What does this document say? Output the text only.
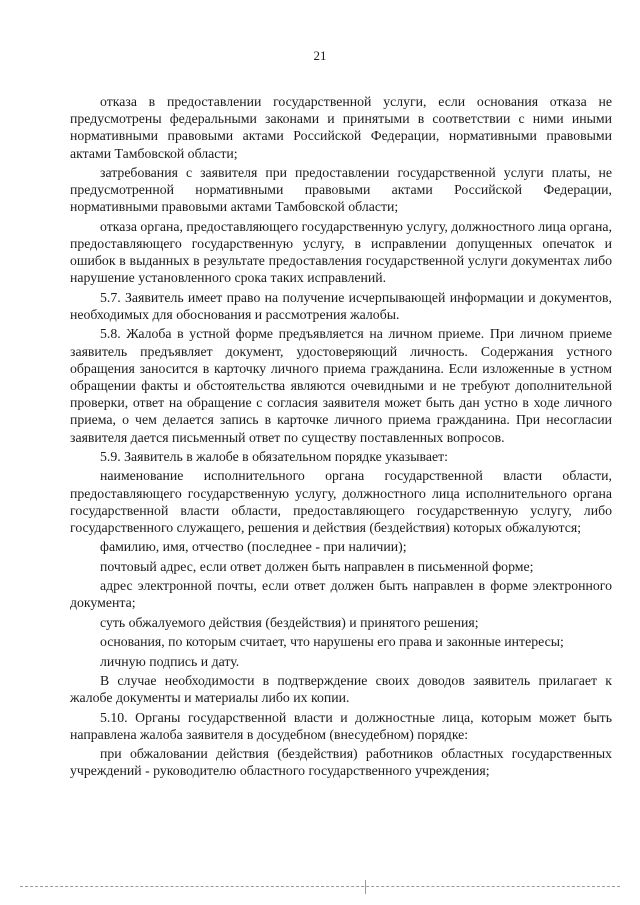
21

отказа в предоставлении государственной услуги, если основания отказа не предусмотрены федеральными законами и принятыми в соответствии с ними иными нормативными правовыми актами Российской Федерации, нормативными правовыми актами Тамбовской области;

затребования с заявителя при предоставлении государственной услуги платы, не предусмотренной нормативными правовыми актами Российской Федерации, нормативными правовыми актами Тамбовской области;

отказа органа, предоставляющего государственную услугу, должностного лица органа, предоставляющего государственную услугу, в исправлении допущенных опечаток и ошибок в выданных в результате предоставления государственной услуги документах либо нарушение установленного срока таких исправлений.

5.7. Заявитель имеет право на получение исчерпывающей информации и документов, необходимых для обоснования и рассмотрения жалобы.

5.8. Жалоба в устной форме предъявляется на личном приеме. При личном приеме заявитель предъявляет документ, удостоверяющий личность. Содержания устного обращения заносится в карточку личного приема гражданина. Если изложенные в устном обращении факты и обстоятельства являются очевидными и не требуют дополнительной проверки, ответ на обращение с согласия заявителя может быть дан устно в ходе личного приема, о чем делается запись в карточке личного приема гражданина. При несогласии заявителя дается письменный ответ по существу поставленных вопросов.

5.9. Заявитель в жалобе в обязательном порядке указывает:

наименование исполнительного органа государственной власти области, предоставляющего государственную услугу, должностного лица исполнительного органа государственной власти области, предоставляющего государственную услугу, либо государственного служащего, решения и действия (бездействия) которых обжалуются;

фамилию, имя, отчество (последнее - при наличии);

почтовый адрес, если ответ должен быть направлен в письменной форме;

адрес электронной почты, если ответ должен быть направлен в форме электронного документа;

суть обжалуемого действия (бездействия) и принятого решения;

основания, по которым считает, что нарушены его права и законные интересы;

личную подпись и дату.

В случае необходимости в подтверждение своих доводов заявитель прилагает к жалобе документы и материалы либо их копии.

5.10. Органы государственной власти и должностные лица, которым может быть направлена жалоба заявителя в досудебном (внесудебном) порядке:

при обжаловании действия (бездействия) работников областных государственных учреждений - руководителю областного государственного учреждения;
